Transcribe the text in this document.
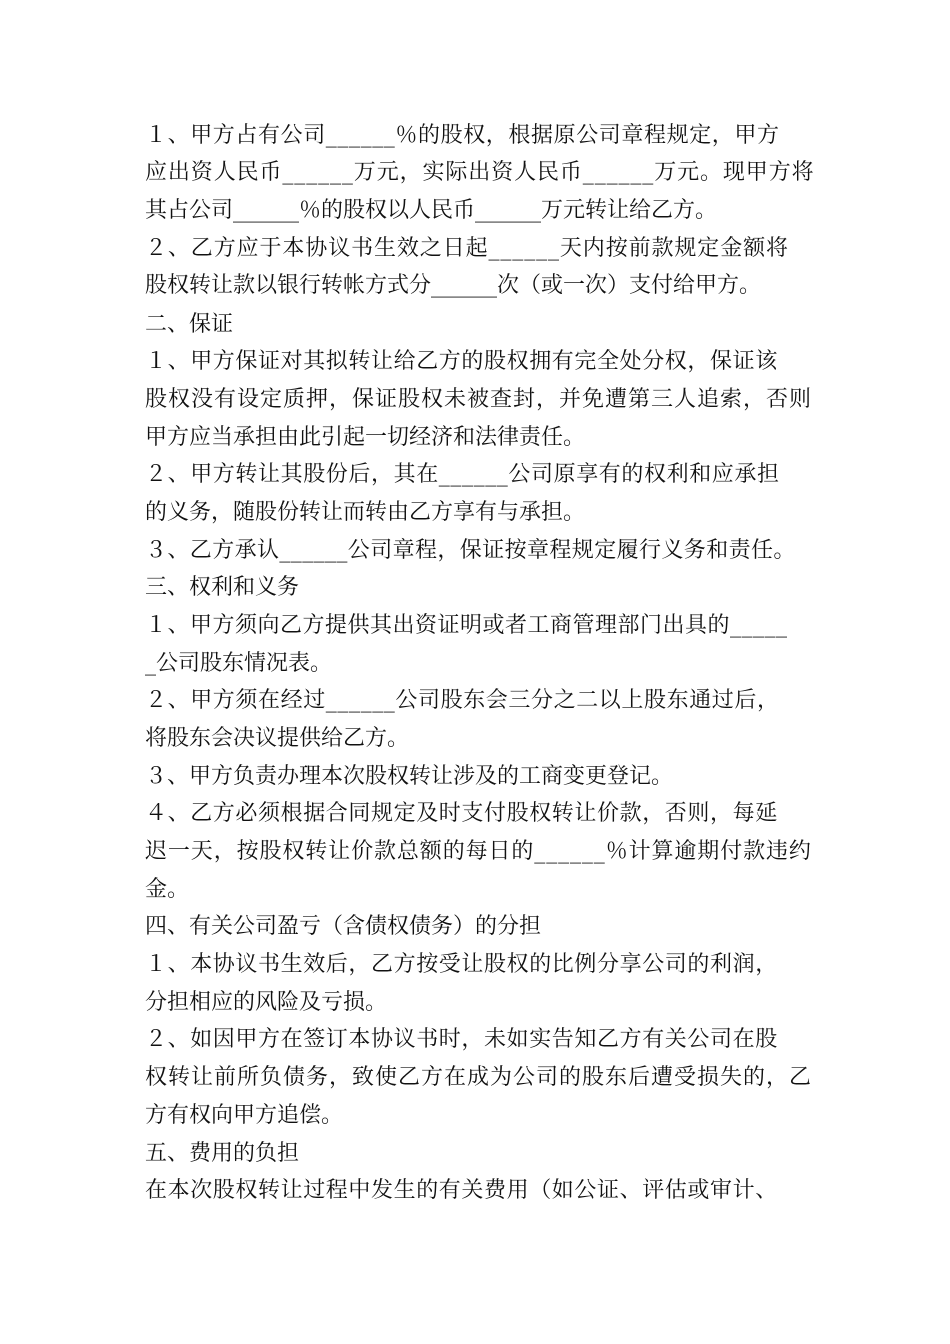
１、甲方占有公司______％的股权，根据原公司章程规定，甲方
应出资人民币______万元，实际出资人民币______万元。现甲方将
其占公司______％的股权以人民币______万元转让给乙方。
２、乙方应于本协议书生效之日起______天内按前款规定金额将
股权转让款以银行转帐方式分______次（或一次）支付给甲方。
二、保证
１、甲方保证对其拟转让给乙方的股权拥有完全处分权，保证该
股权没有设定质押，保证股权未被查封，并免遭第三人追索，否则
甲方应当承担由此引起一切经济和法律责任。
２、甲方转让其股份后，其在______公司原享有的权利和应承担
的义务，随股份转让而转由乙方享有与承担。
３、乙方承认______公司章程，保证按章程规定履行义务和责任。
三、权利和义务
１、甲方须向乙方提供其出资证明或者工商管理部门出具的_____
_公司股东情况表。
２、甲方须在经过______公司股东会三分之二以上股东通过后，
将股东会决议提供给乙方。
３、甲方负责办理本次股权转让涉及的工商变更登记。
４、乙方必须根据合同规定及时支付股权转让价款，否则，每延
迟一天，按股权转让价款总额的每日的______％计算逾期付款违约
金。
四、有关公司盈亏（含债权债务）的分担
１、本协议书生效后，乙方按受让股权的比例分享公司的利润，
分担相应的风险及亏损。
２、如因甲方在签订本协议书时，未如实告知乙方有关公司在股
权转让前所负债务，致使乙方在成为公司的股东后遭受损失的，乙
方有权向甲方追偿。
五、费用的负担
在本次股权转让过程中发生的有关费用（如公证、评估或审计、
